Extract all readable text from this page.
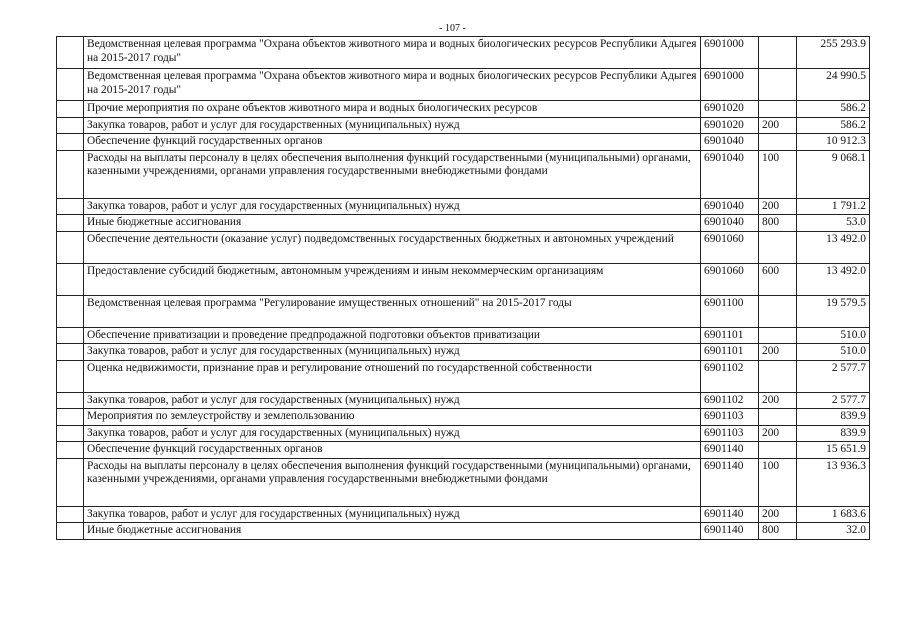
- 107 -
	Ведомственная целевая программа "Охрана объектов животного мира и водных биологических ресурсов Республики Адыгея на 2015-2017 годы"	6901000		255 293.9
	Ведомственная целевая программа "Охрана объектов животного мира и водных биологических ресурсов Республики Адыгея на 2015-2017 годы"	6901000		24 990.5
	Прочие мероприятия по охране объектов животного мира и водных биологических ресурсов	6901020		586.2
	Закупка товаров, работ и услуг для государственных (муниципальных) нужд	6901020	200	586.2
	Обеспечение функций государственных органов	6901040		10 912.3
	Расходы на выплаты персоналу в целях обеспечения выполнения функций государственными (муниципальными) органами, казенными учреждениями, органами управления государственными внебюджетными фондами	6901040	100	9 068.1
	Закупка товаров, работ и услуг для государственных (муниципальных) нужд	6901040	200	1 791.2
	Иные бюджетные ассигнования	6901040	800	53.0
	Обеспечение деятельности (оказание услуг) подведомственных государственных бюджетных и автономных учреждений	6901060		13 492.0
	Предоставление субсидий бюджетным, автономным учреждениям и иным некоммерческим организациям	6901060	600	13 492.0
	Ведомственная целевая программа "Регулирование имущественных отношений" на 2015-2017 годы	6901100		19 579.5
	Обеспечение приватизации и проведение предпродажной подготовки объектов приватизации	6901101		510.0
	Закупка товаров, работ и услуг для государственных (муниципальных) нужд	6901101	200	510.0
	Оценка недвижимости, признание прав и регулирование отношений по государственной собственности	6901102		2 577.7
	Закупка товаров, работ и услуг для государственных (муниципальных) нужд	6901102	200	2 577.7
	Мероприятия по землеустройству и землепользованию	6901103		839.9
	Закупка товаров, работ и услуг для государственных (муниципальных) нужд	6901103	200	839.9
	Обеспечение функций государственных органов	6901140		15 651.9
	Расходы на выплаты персоналу в целях обеспечения выполнения функций государственными (муниципальными) органами, казенными учреждениями, органами управления государственными внебюджетными фондами	6901140	100	13 936.3
	Закупка товаров, работ и услуг для государственных (муниципальных) нужд	6901140	200	1 683.6
	Иные бюджетные ассигнования	6901140	800	32.0
